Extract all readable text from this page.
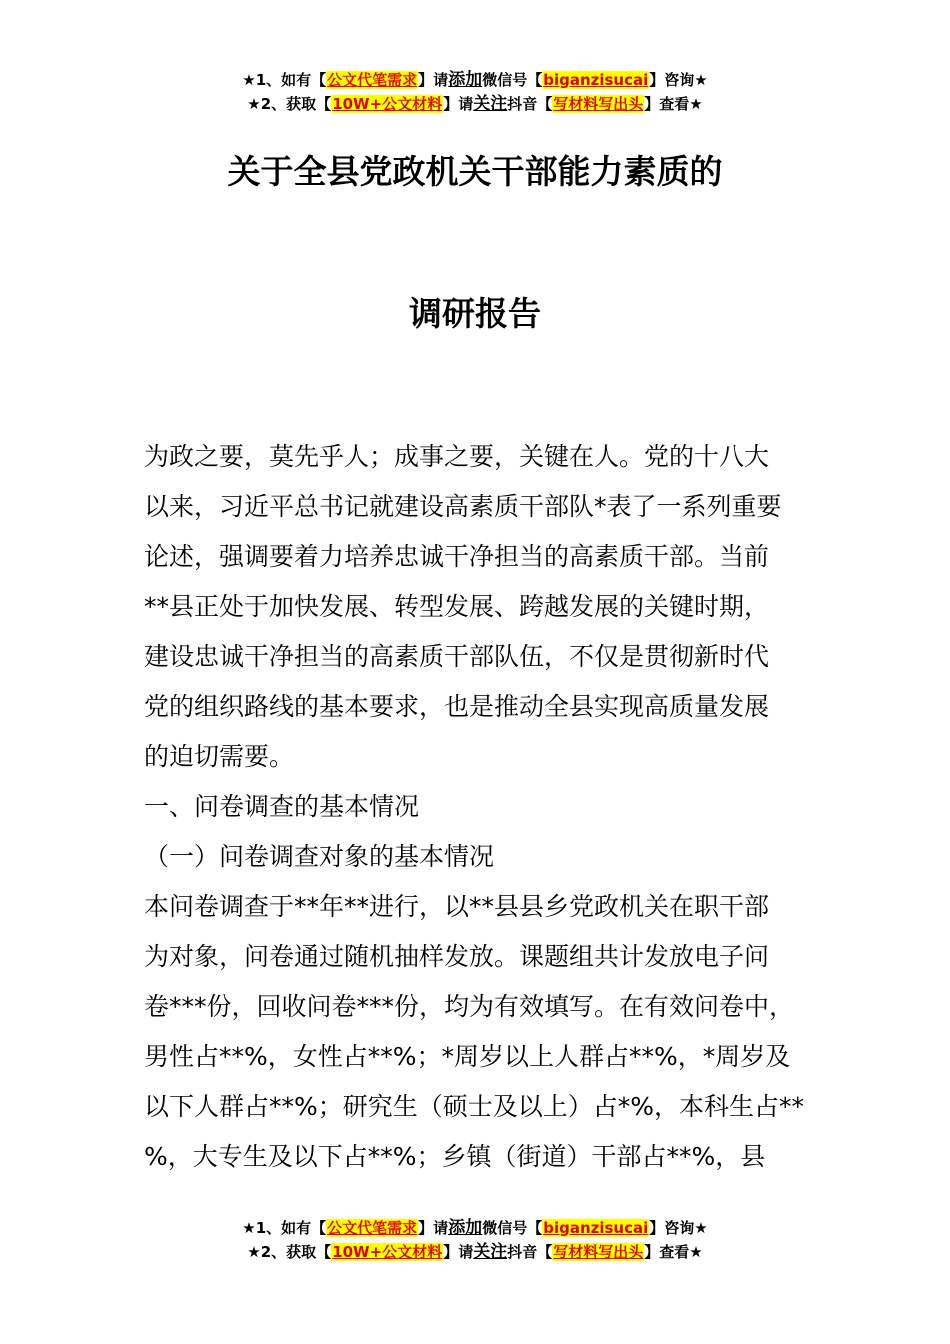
★1、如有【公文代笔需求】请添加微信号【biganzisucai】咨询★
★2、获取【10W+公文材料】请关注抖音【写材料写出头】查看★
关于全县党政机关干部能力素质的
调研报告
为政之要，莫先乎人；成事之要，关键在人。党的十八大
以来，习近平总书记就建设高素质干部队*表了一系列重要
论述，强调要着力培养忠诚干净担当的高素质干部。当前
**县正处于加快发展、转型发展、跨越发展的关键时期，
建设忠诚干净担当的高素质干部队伍，不仅是贯彻新时代
党的组织路线的基本要求，也是推动全县实现高质量发展
的迫切需要。
一、问卷调查的基本情况
（一）问卷调查对象的基本情况
本问卷调查于**年**进行，以**县县乡党政机关在职干部
为对象，问卷通过随机抽样发放。课题组共计发放电子问
卷***份，回收问卷***份，均为有效填写。在有效问卷中，
男性占**%，女性占**%；*周岁以上人群占**%，*周岁及
以下人群占**%；研究生（硕士及以上）占*%，本科生占**
%，大专生及以下占**%；乡镇（街道）干部占**%，县
★1、如有【公文代笔需求】请添加微信号【biganzisucai】咨询★
★2、获取【10W+公文材料】请关注抖音【写材料写出头】查看★
